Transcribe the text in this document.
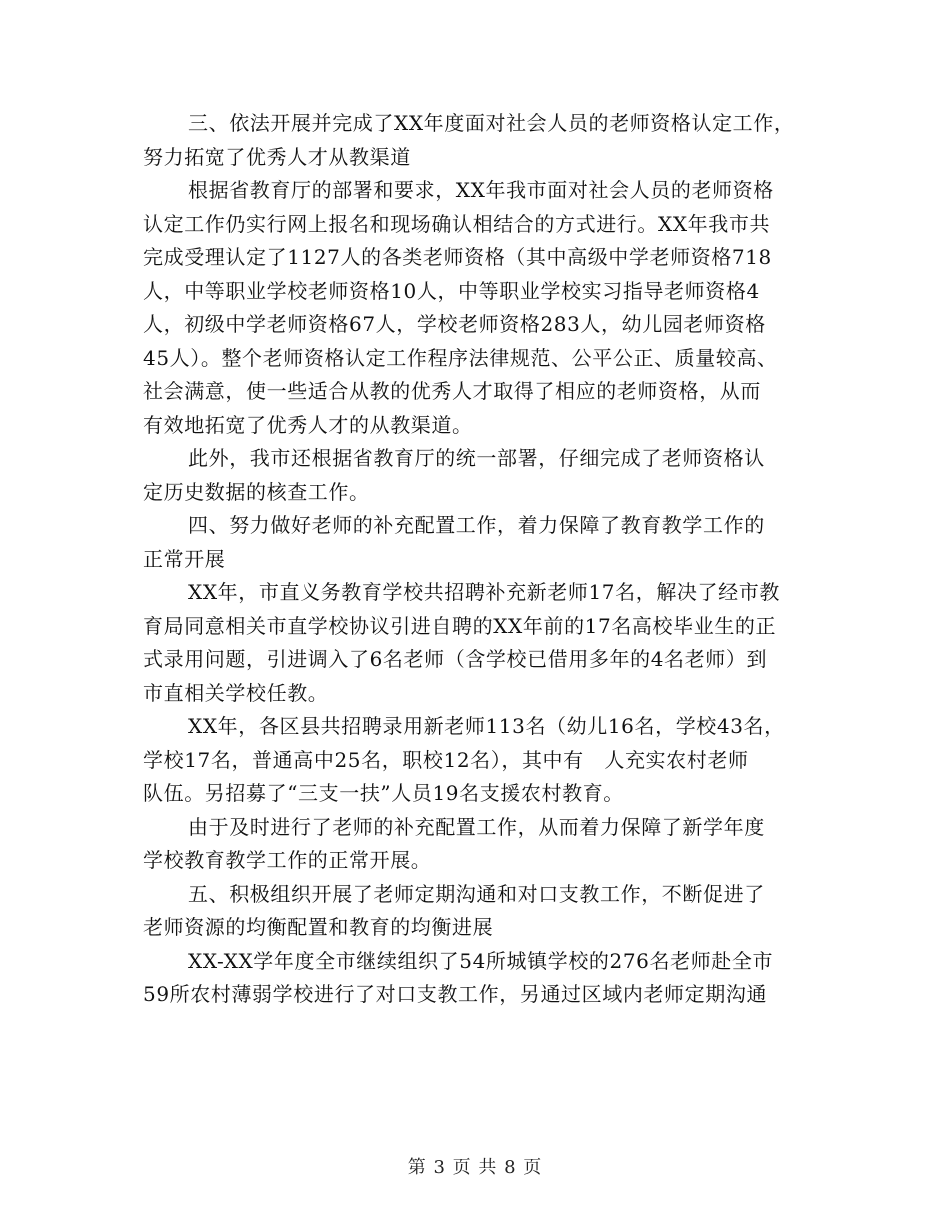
三、依法开展并完成了XX年度面对社会人员的老师资格认定工作，
努力拓宽了优秀人才从教渠道
根据省教育厅的部署和要求，XX年我市面对社会人员的老师资格
认定工作仍实行网上报名和现场确认相结合的方式进行。XX年我市共
完成受理认定了1127人的各类老师资格（其中高级中学老师资格718
人，中等职业学校老师资格10人，中等职业学校实习指导老师资格4
人，初级中学老师资格67人，学校老师资格283人，幼儿园老师资格
45人）。整个老师资格认定工作程序法律规范、公平公正、质量较高、
社会满意，使一些适合从教的优秀人才取得了相应的老师资格，从而
有效地拓宽了优秀人才的从教渠道。
此外，我市还根据省教育厅的统一部署，仔细完成了老师资格认
定历史数据的核查工作。
四、努力做好老师的补充配置工作，着力保障了教育教学工作的
正常开展
XX年，市直义务教育学校共招聘补充新老师17名，解决了经市教
育局同意相关市直学校协议引进自聘的XX年前的17名高校毕业生的正
式录用问题，引进调入了6名老师（含学校已借用多年的4名老师）到
市直相关学校任教。
XX年，各区县共招聘录用新老师113名（幼儿16名，学校43名，
学校17名，普通高中25名，职校12名），其中有　人充实农村老师
队伍。另招募了“三支一扶”人员19名支援农村教育。
由于及时进行了老师的补充配置工作，从而着力保障了新学年度
学校教育教学工作的正常开展。
五、积极组织开展了老师定期沟通和对口支教工作，不断促进了
老师资源的均衡配置和教育的均衡进展
XX-XX学年度全市继续组织了54所城镇学校的276名老师赴全市
59所农村薄弱学校进行了对口支教工作，另通过区域内老师定期沟通
第 3 页 共 8 页
